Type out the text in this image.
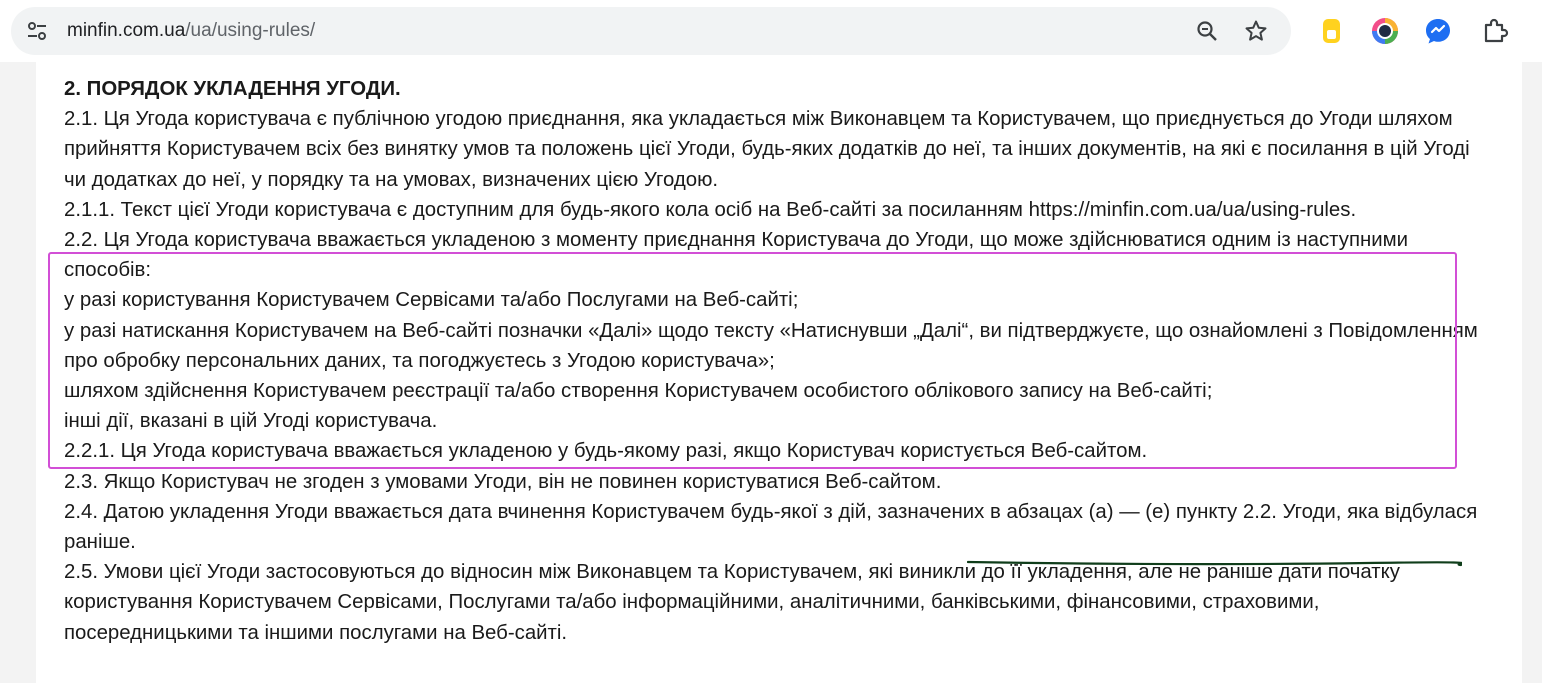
minfin.com.ua/ua/using-rules/

2. ПОРЯДОК УКЛАДЕННЯ УГОДИ.

2.1. Ця Угода користувача є публічною угодою приєднання, яка укладається між Виконавцем та Користувачем, що приєднується до Угоди шляхом прийняття Користувачем всіх без винятку умов та положень цієї Угоди, будь-яких додатків до неї, та інших документів, на які є посилання в цій Угоді чи додатках до неї, у порядку та на умовах, визначених цією Угодою.

2.1.1. Текст цієї Угоди користувача є доступним для будь-якого кола осіб на Веб-сайті за посиланням https://minfin.com.ua/ua/using-rules.

2.2. Ця Угода користувача вважається укладеною з моменту приєднання Користувача до Угоди, що може здійснюватися одним із наступними способів:

у разі користування Користувачем Сервісами та/або Послугами на Веб-сайті;

у разі натискання Користувачем на Веб-сайті позначки «Далі» щодо тексту «Натиснувши „Далі“, ви підтверджуєте, що ознайомлені з Повідомленням про обробку персональних даних, та погоджуєтесь з Угодою користувача»;

шляхом здійснення Користувачем реєстрації та/або створення Користувачем особистого облікового запису на Веб-сайті;

інші дії, вказані в цій Угоді користувача.

2.2.1. Ця Угода користувача вважається укладеною у будь-якому разі, якщо Користувач користується Веб-сайтом.

2.3. Якщо Користувач не згоден з умовами Угоди, він не повинен користуватися Веб-сайтом.

2.4. Датою укладення Угоди вважається дата вчинення Користувачем будь-якої з дій, зазначених в абзацах (а) — (е) пункту 2.2. Угоди, яка відбулася раніше.

2.5. Умови цієї Угоди застосовуються до відносин між Виконавцем та Користувачем, які виникли до її укладення, але не раніше дати початку користування Користувачем Сервісами, Послугами та/або інформаційними, аналітичними, банківськими, фінансовими, страховими, посередницькими та іншими послугами на Веб-сайті.
